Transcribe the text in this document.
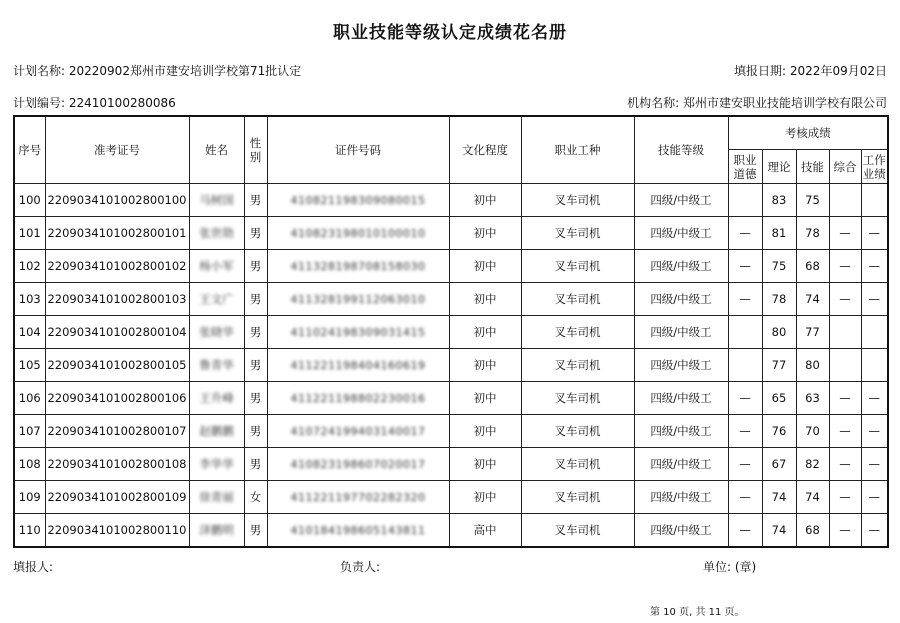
职业技能等级认定成绩花名册
计划名称: 20220902郑州市建安培训学校第71批认定	填报日期: 2022年09月02日
计划编号: 22410100280086	机构名称: 郑州市建安职业技能培训学校有限公司
序号	准考证号	姓名	性别	证件号码	文化程度	职业工种	技能等级	考核成绩				
								职业道德	理论	技能	综合	工作业绩
100	2209034101002800100	马树国	男	410821198309080015	初中	叉车司机	四级/中级工		83	75		
101	2209034101002800101	张世勋	男	410823198010100010	初中	叉车司机	四级/中级工	—	81	78	—	—
102	2209034101002800102	杨小军	男	411328198708158030	初中	叉车司机	四级/中级工	—	75	68	—	—
103	2209034101002800103	王文广	男	411328199112063010	初中	叉车司机	四级/中级工	—	78	74	—	—
104	2209034101002800104	张晓华	男	411024198309031415	初中	叉车司机	四级/中级工		80	77		
105	2209034101002800105	鲁青华	男	411221198404160619	初中	叉车司机	四级/中级工		77	80		
106	2209034101002800106	王升峰	男	411221198802230016	初中	叉车司机	四级/中级工	—	65	63	—	—
107	2209034101002800107	赵鹏鹏	男	410724199403140017	初中	叉车司机	四级/中级工	—	76	70	—	—
108	2209034101002800108	李华华	男	410823198607020017	初中	叉车司机	四级/中级工	—	67	82	—	—
109	2209034101002800109	徐青丽	女	411221197702282320	初中	叉车司机	四级/中级工	—	74	74	—	—
110	2209034101002800110	泽鹏明	男	410184198605143811	高中	叉车司机	四级/中级工	—	74	68	—	—
填报人:	负责人:	单位: (章)
第 10 页, 共 11 页。
